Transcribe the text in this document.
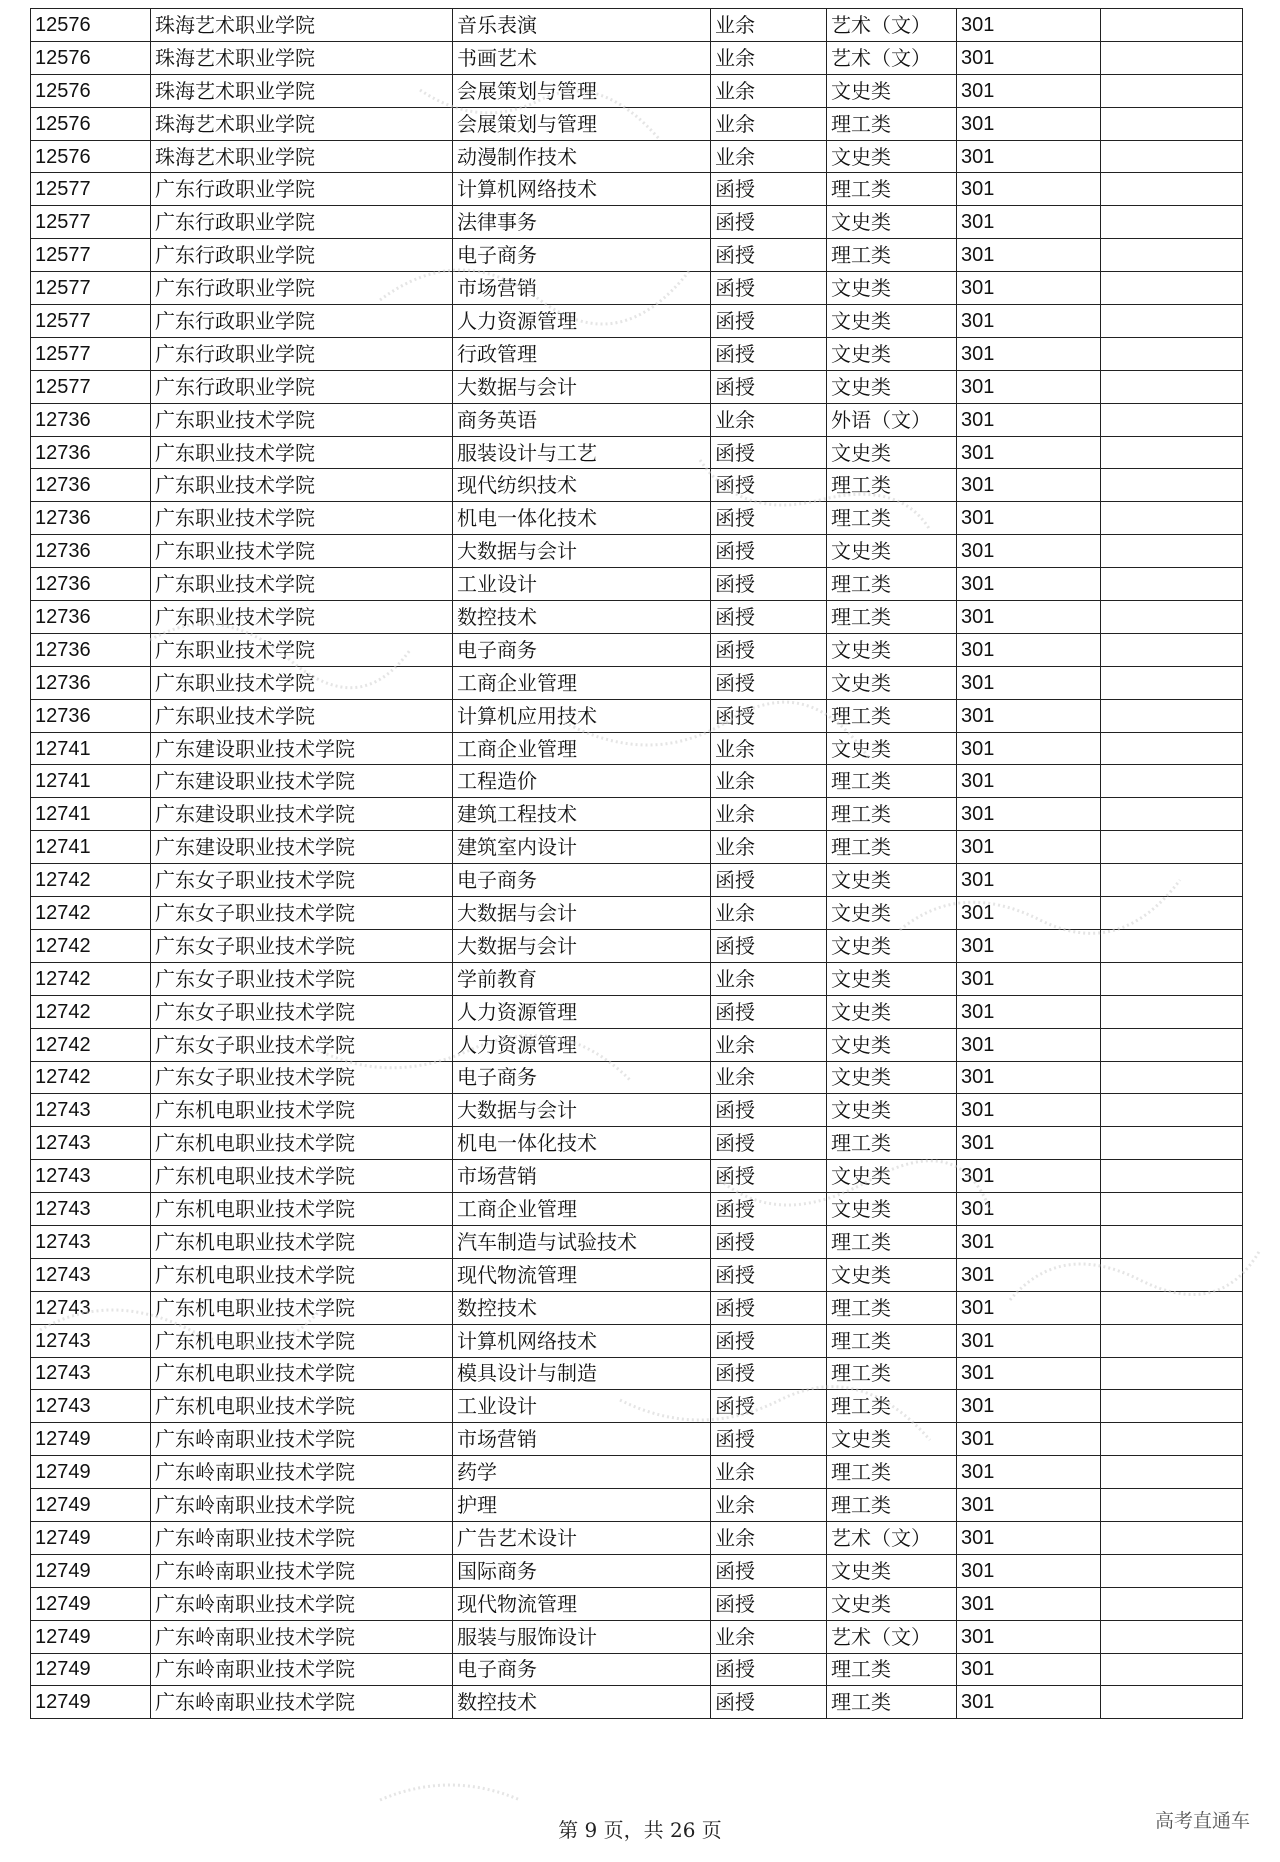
12576	珠海艺术职业学院	音乐表演	业余	艺术（文）	301	
12576	珠海艺术职业学院	书画艺术	业余	艺术（文）	301	
12576	珠海艺术职业学院	会展策划与管理	业余	文史类	301	
12576	珠海艺术职业学院	会展策划与管理	业余	理工类	301	
12576	珠海艺术职业学院	动漫制作技术	业余	文史类	301	
12577	广东行政职业学院	计算机网络技术	函授	理工类	301	
12577	广东行政职业学院	法律事务	函授	文史类	301	
12577	广东行政职业学院	电子商务	函授	理工类	301	
12577	广东行政职业学院	市场营销	函授	文史类	301	
12577	广东行政职业学院	人力资源管理	函授	文史类	301	
12577	广东行政职业学院	行政管理	函授	文史类	301	
12577	广东行政职业学院	大数据与会计	函授	文史类	301	
12736	广东职业技术学院	商务英语	业余	外语（文）	301	
12736	广东职业技术学院	服装设计与工艺	函授	文史类	301	
12736	广东职业技术学院	现代纺织技术	函授	理工类	301	
12736	广东职业技术学院	机电一体化技术	函授	理工类	301	
12736	广东职业技术学院	大数据与会计	函授	文史类	301	
12736	广东职业技术学院	工业设计	函授	理工类	301	
12736	广东职业技术学院	数控技术	函授	理工类	301	
12736	广东职业技术学院	电子商务	函授	文史类	301	
12736	广东职业技术学院	工商企业管理	函授	文史类	301	
12736	广东职业技术学院	计算机应用技术	函授	理工类	301	
12741	广东建设职业技术学院	工商企业管理	业余	文史类	301	
12741	广东建设职业技术学院	工程造价	业余	理工类	301	
12741	广东建设职业技术学院	建筑工程技术	业余	理工类	301	
12741	广东建设职业技术学院	建筑室内设计	业余	理工类	301	
12742	广东女子职业技术学院	电子商务	函授	文史类	301	
12742	广东女子职业技术学院	大数据与会计	业余	文史类	301	
12742	广东女子职业技术学院	大数据与会计	函授	文史类	301	
12742	广东女子职业技术学院	学前教育	业余	文史类	301	
12742	广东女子职业技术学院	人力资源管理	函授	文史类	301	
12742	广东女子职业技术学院	人力资源管理	业余	文史类	301	
12742	广东女子职业技术学院	电子商务	业余	文史类	301	
12743	广东机电职业技术学院	大数据与会计	函授	文史类	301	
12743	广东机电职业技术学院	机电一体化技术	函授	理工类	301	
12743	广东机电职业技术学院	市场营销	函授	文史类	301	
12743	广东机电职业技术学院	工商企业管理	函授	文史类	301	
12743	广东机电职业技术学院	汽车制造与试验技术	函授	理工类	301	
12743	广东机电职业技术学院	现代物流管理	函授	文史类	301	
12743	广东机电职业技术学院	数控技术	函授	理工类	301	
12743	广东机电职业技术学院	计算机网络技术	函授	理工类	301	
12743	广东机电职业技术学院	模具设计与制造	函授	理工类	301	
12743	广东机电职业技术学院	工业设计	函授	理工类	301	
12749	广东岭南职业技术学院	市场营销	函授	文史类	301	
12749	广东岭南职业技术学院	药学	业余	理工类	301	
12749	广东岭南职业技术学院	护理	业余	理工类	301	
12749	广东岭南职业技术学院	广告艺术设计	业余	艺术（文）	301	
12749	广东岭南职业技术学院	国际商务	函授	文史类	301	
12749	广东岭南职业技术学院	现代物流管理	函授	文史类	301	
12749	广东岭南职业技术学院	服装与服饰设计	业余	艺术（文）	301	
12749	广东岭南职业技术学院	电子商务	函授	理工类	301	
12749	广东岭南职业技术学院	数控技术	函授	理工类	301	
第 9 页，共 26 页	高考直通车
